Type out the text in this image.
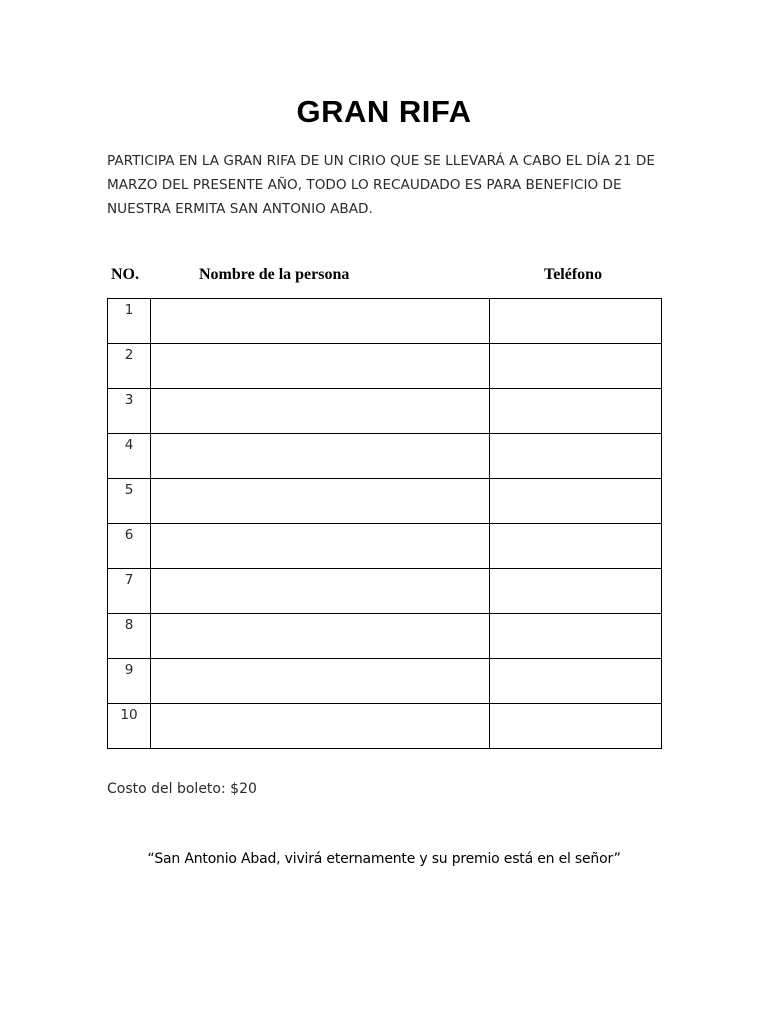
GRAN RIFA

PARTICIPA EN LA GRAN RIFA DE UN CIRIO QUE SE LLEVARÁ A CABO EL DÍA 21 DE MARZO DEL PRESENTE AÑO, TODO LO RECAUDADO ES PARA BENEFICIO DE NUESTRA ERMITA SAN ANTONIO ABAD.

NO.	Nombre de la persona	Teléfono
1		
2		
3		
4		
5		
6		
7		
8		
9		
10		

Costo del boleto: $20

“San Antonio Abad, vivirá eternamente y su premio está en el señor”
